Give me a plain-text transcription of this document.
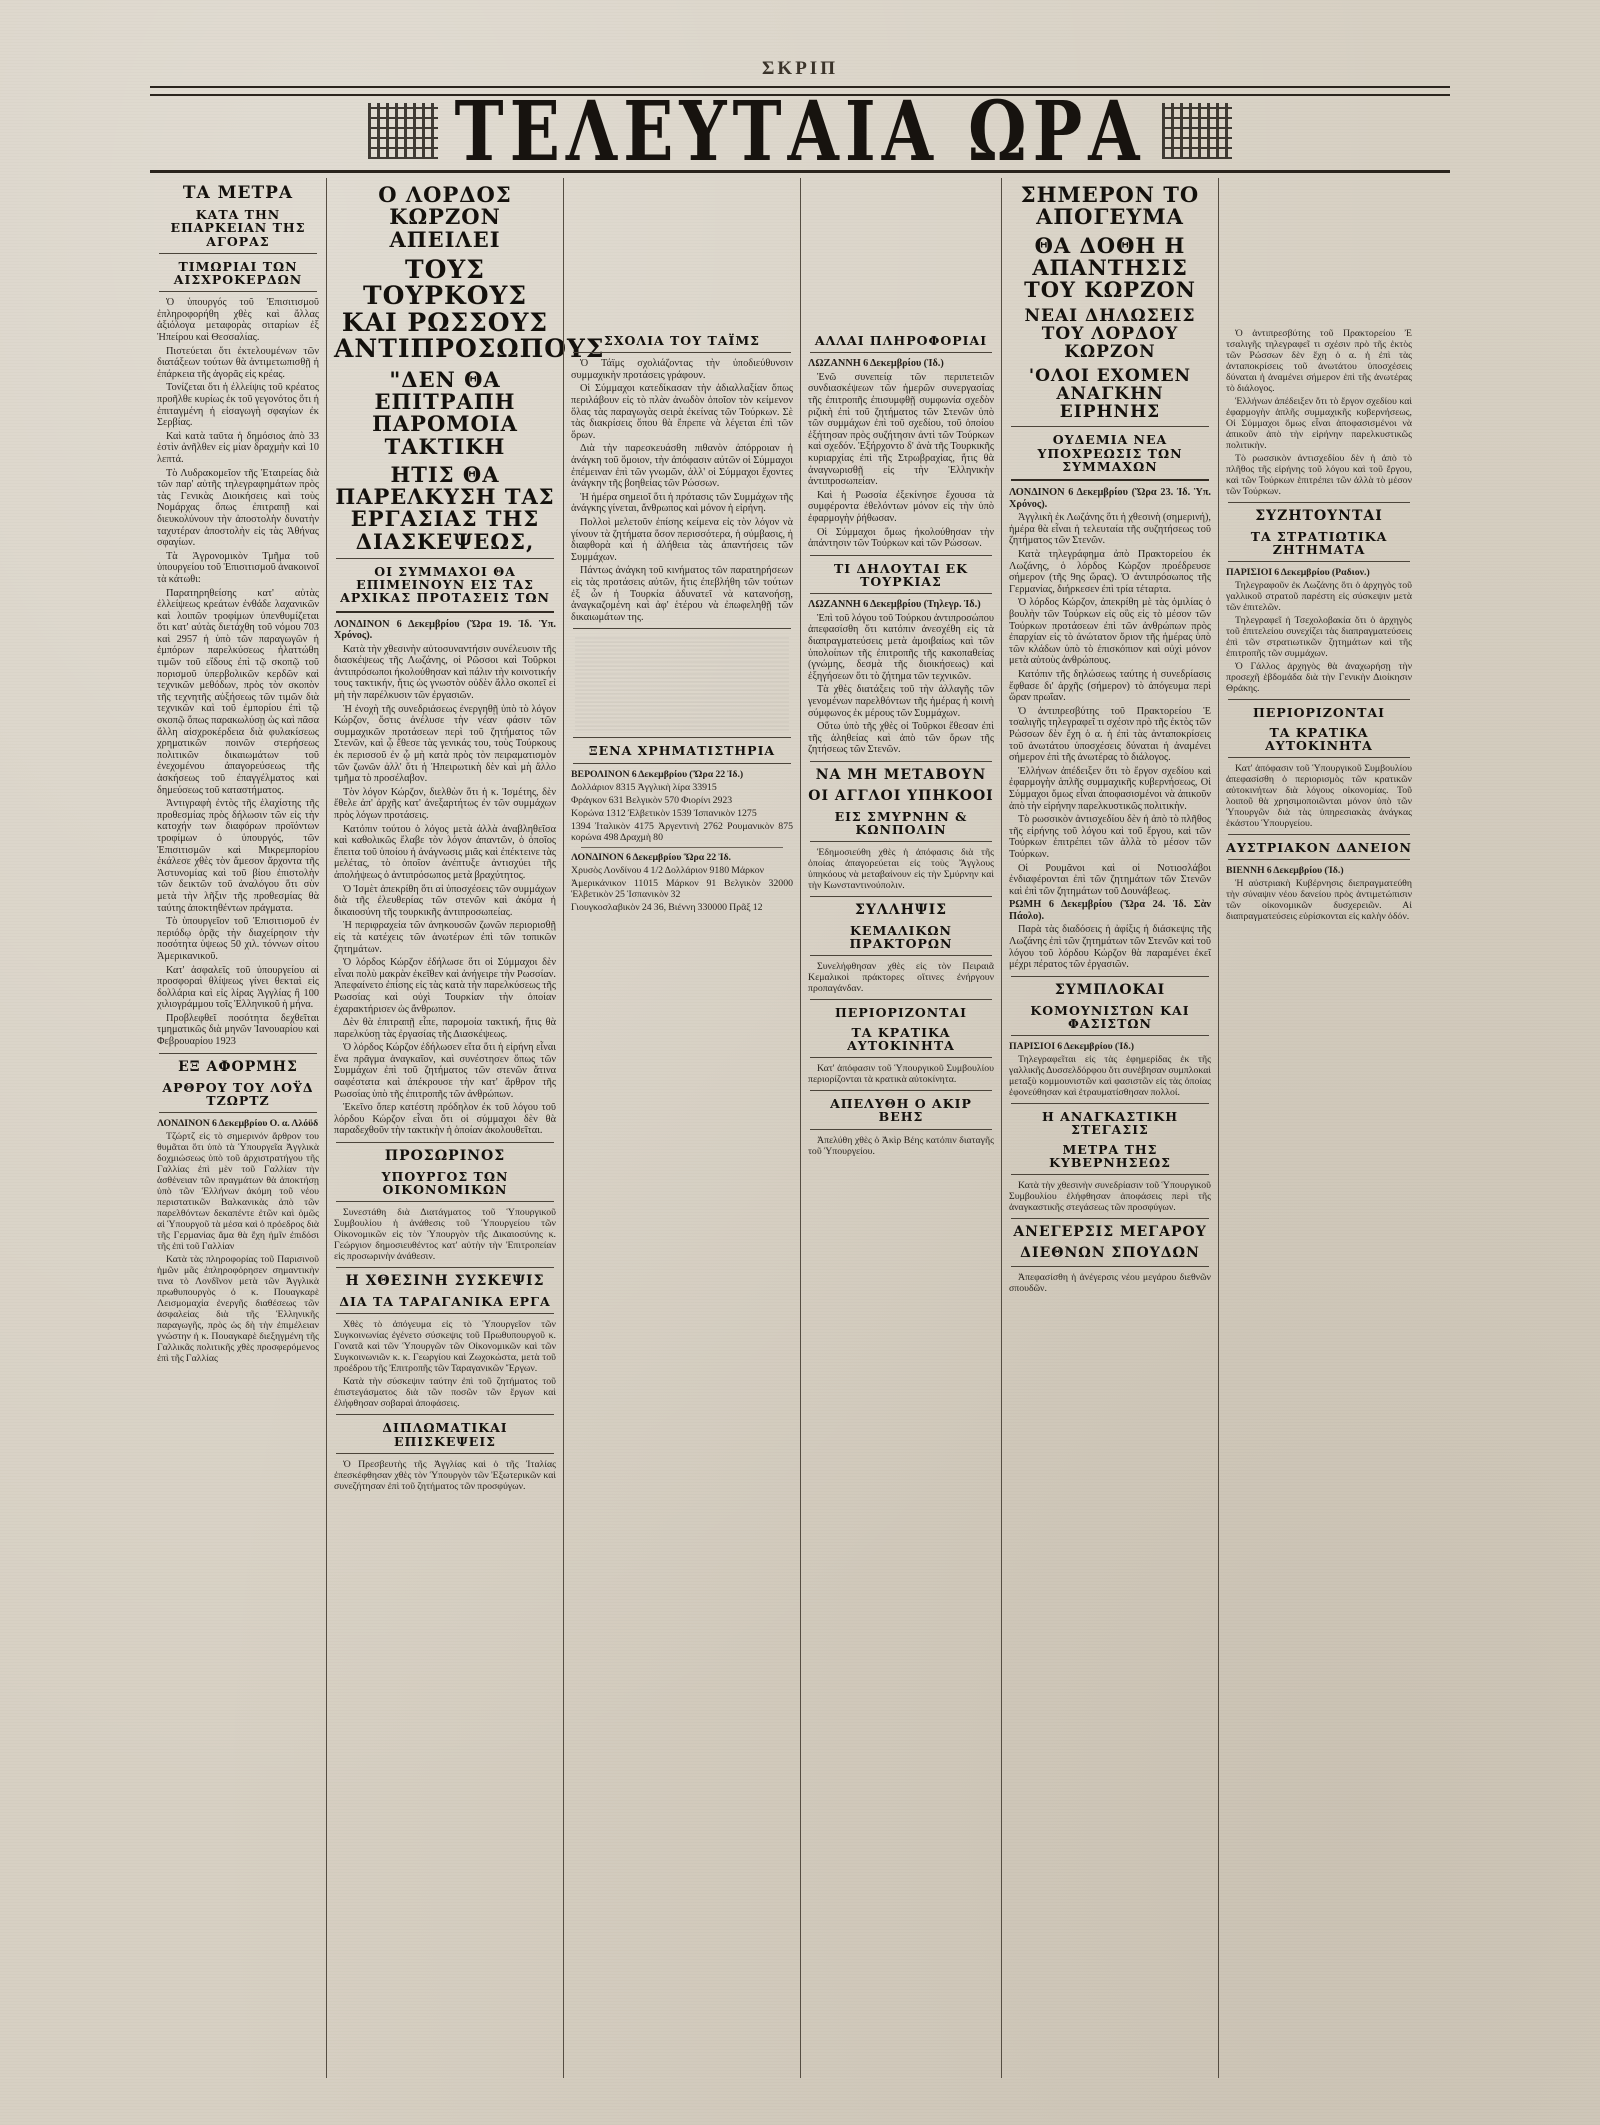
ΣΚΡΙΠ
ΤΕΛΕΥΤΑΙΑ ΩΡΑ
ΤΑ ΜΕΤΡΑ
ΚΑΤΑ ΤΗΝ ΕΠΑΡΚΕΙΑΝ ΤΗΣ ΑΓΟΡΑΣ
ΤΙΜΩΡΙΑΙ ΤΩΝ ΑΙΣΧΡΟΚΕΡΔΩΝ

Ὁ ὑπουργός τοῦ Ἐπισιτισμοῦ ἐπληροφορήθη χθὲς καὶ ἄλλας ἀξιόλογα μεταφορὰς σιταρίων ἐξ Ἠπείρου καὶ Θεσσαλίας.

Πιστεύεται ὅτι ἐκτελουμένων τῶν διατάξεων τούτων θὰ ἀντιμετωπισθῇ ἡ ἐπάρκεια τῆς ἀγορᾶς εἰς κρέας.

Τονίζεται ὅτι ἡ ἐλλείψις τοῦ κρέατος προῆλθε κυρίως ἐκ τοῦ γεγονότος ὅτι ἡ ἐπιταγμένη ἡ εἰσαγωγὴ σφαγίων ἐκ Σερβίας.

Καὶ κατὰ ταῦτα ἡ δημόσιος ἀπὸ 33 ἐστὶν ἀνῆλθεν εἰς μίαν δραχμὴν καὶ 10 λεπτά.

Τὸ Λυδρακομεῖον τῆς Ἑταιρείας διὰ τῶν παρ' αὐτῆς τηλεγραφημάτων πρὸς τὰς Γενικὰς Διοικήσεις καὶ τοὺς Νομάρχας ὅπως ἐπιτραπῇ καὶ διευκολύνουν τὴν ἀποστολὴν δυνατὴν ταχυτέραν ἀποστολὴν εἰς τὰς Ἀθήνας σφαγίων.

Τὰ Ἀγρονομικὸν Τμῆμα τοῦ ὑπουργείου τοῦ Ἐπισιτισμοῦ ἀνακοινοῖ τὰ κάτωθι:

Παρατηρηθείσης κατ' αὐτὰς ἐλλείψεως κρεάτων ἐνθάδε λαχανικῶν καὶ λοιπῶν τροφίμων ὑπενθυμίζεται ὅτι κατ' αὐτὰς διετάχθη τοῦ νόμου 703 καὶ 2957 ἡ ὑπὸ τῶν παραγωγῶν ἡ ἐμπόρων παρελκύσεως ἠλαττώθη τιμῶν τοῦ εἴδους ἐπὶ τῷ σκοπῷ τοῦ πορισμοῦ ὑπερβολικῶν κερδῶν καὶ τεχνικῶν μεθόδων, πρὸς τὸν σκοπὸν τῆς τεχνητῆς αὐξήσεως τῶν τιμῶν διὰ τεχνικῶν καὶ τοῦ ἐμπορίου ἐπὶ τῷ σκοπῷ ὅπως παρακωλύσῃ ὡς καὶ πᾶσα ἄλλη αἰσχροκέρδεια διὰ φυλακίσεως χρηματικῶν ποινῶν στερήσεως πολιτικῶν δικαιωμάτων τοῦ ἐνεχομένου ἀπαγορεύσεως τῆς ἀσκήσεως τοῦ ἐπαγγέλματος καὶ δημεύσεως τοῦ καταστήματος.

Ἀντιγραφὴ ἐντὸς τῆς ἐλαχίστης τῆς προθεσμίας πρὸς δήλωσιν τῶν εἰς τὴν κατοχήν των διαφόρων προϊόντων τροφίμων ὁ ὑπουργός, τῶν Ἐπισιτισμῶν καὶ Μικρεμπορίου ἐκάλεσε χθὲς τὸν ἄμεσον ἄρχοντα τῆς Ἀστυνομίας καὶ τοῦ βίου ἐπιστολὴν τῶν δεικτῶν τοῦ ἀναλόγου ὅτι σὺν μετὰ τὴν λῆξιν τῆς προθεσμίας θὰ ταύτης ἀποκτηθέντων πράγματα.

Τὸ ὑπουργεῖον τοῦ Ἐπισιτισμοῦ ἐν περιόδῳ ὁρᾷς τὴν διαχείρησιν τὴν ποσότητα ὑψεως 50 χιλ. τόννων σίτου Ἀμερικανικοῦ.

Κατ' ἀσφαλεῖς τοῦ ὑπουργείου αἱ προσφοραὶ θλίψεως γίνει θεκταὶ εἰς δολλάρια καὶ εἰς λίρας Ἀγγλίας ἢ 100 χιλιογράμμου τοῖς Ἑλληνικοῦ ἡ μήνα.

Προβλεφθεῖ ποσότητα δεχθεῖται τμηματικῶς διὰ μηνῶν Ἰανουαρίου καὶ Φεβρουαρίου 1923

ΕΞ ΑΦΟΡΜΗΣ
ΑΡΘΡΟΥ ΤΟΥ ΛΟΫΔ ΤΖΩΡΤΖ

ΛΟΝΔΙΝΟΝ 6 Δεκεμβρίου Ο. α. Λλόϋδ

Τζώρτζ εἰς τὸ σημερινόν ἄρθρον του θυμᾶται ὅτι ὑπὸ τὰ Ὑπουργεῖα Ἀγγλικὰ δοχμιώσεως ὑπὸ τοῦ ἀρχιστρατήγου τῆς Γαλλίας ἐπὶ μὲν τοῦ Γαλλίαν τὴν ἀσθένειαν τῶν πραγμάτων θὰ ἀποκτήσῃ ὑπὸ τῶν Ἑλλήνων ἀκόμη τοῦ νέου περιστατικῶν Βαλκανικὰς ἀπὸ τῶν παρελθόντων δεκαπέντε ἐτῶν καὶ ὁμῶς αἱ Ὑπουργοῦ τὰ μέσα καὶ ὁ πρόεδρος διὰ τῆς Γερμανίας ἅμα θὰ ἔχη ἡμῖν ἐπιδόσι τῆς ἐπὶ τοῦ Γαλλίαν

Κατὰ τὰς πληροφορίας τοῦ Παρισινοῦ ἡμῶν μᾶς ἐπληροφόρησεν σημαντικὴν τινα τὸ Λονδῖνον μετὰ τῶν Ἀγγλικὰ πρωθυπουργὸς ὁ κ. Πουαγκαρὲ Λεισμομαχία ἐνεργῆς διαθέσεως τῶν ἀσφαλείας διὰ τῆς Ἑλληνικῆς παραγωγῆς, πρὸς ὡς δὴ τὴν ἐπιμέλειαν γνώστην ἡ κ. Πουαγκαρὲ διεξηγμένη τῆς Γαλλικᾶς πολιτικῆς χθὲς προσφερόμενος ἐπὶ τῆς Γαλλίας

Ο ΛΟΡΔΟΣ ΚΩΡΖΟΝ ΑΠΕΙΛΕΙ
ΤΟΥΣ ΤΟΥΡΚΟΥΣ ΚΑΙ ΡΩΣΣΟΥΣ ΑΝΤΙΠΡΟΣΩΠΟΥΣ
"ΔΕΝ ΘΑ ΕΠΙΤΡΑΠΗ ΠΑΡΟΜΟΙΑ ΤΑΚΤΙΚΗ
ΗΤΙΣ ΘΑ ΠΑΡΕΛΚΥΣΗ ΤΑΣ ΕΡΓΑΣΙΑΣ ΤΗΣ ΔΙΑΣΚΕΨΕΩΣ,
ΟΙ ΣΥΜΜΑΧΟΙ ΘΑ ΕΠΙΜΕΙΝΟΥΝ ΕΙΣ ΤΑΣ ΑΡΧΙΚΑΣ ΠΡΟΤΑΣΕΙΣ ΤΩΝ

ΛΟΝΔΙΝΟΝ 6 Δεκεμβρίου (Ὥρα 19. Ἰδ. Ὑπ. Χρόνος).

Κατὰ τὴν χθεσινὴν αὐτοσυναντήσιν συνέλευσιν τῆς διασκέψεως τῆς Λωζάνης, οἱ Ρῶσσοι καὶ Τοῦρκοι ἀντιπρόσωποι ἠκολούθησαν καὶ πάλιν τὴν κοινοτικήν τους τακτικήν, ἥτις ὡς γνωστὸν οὐδὲν ἄλλο σκοπεῖ εἰ μὴ τὴν παρέλκυσιν τῶν ἐργασιῶν.

Ἡ ἐνοχὴ τῆς συνεδριάσεως ἐνεργηθῇ ὑπὸ τὸ λόγον Κώρζον, ὅστις ἀνέλυσε τὴν νέαν φάσιν τῶν συμμαχικῶν προτάσεων περὶ τοῦ ζητήματος τῶν Στενῶν, καὶ ᾧ ἔθεσε τὰς γενικάς του, τοὺς Τούρκους ἐκ περισσοῦ ἐν ᾧ μὴ κατὰ πρὸς τὸν πειραματισμὸν τῶν ζωνῶν ἀλλ' ὅτι ἡ Ἠπειρωτικὴ δὲν καὶ μὴ ἄλλο τμῆμα τὸ προσέλαβον.

Τὸν λόγον Κώρζον, διελθὼν ὅτι ἡ κ. Ἰσμέτης, δὲν ἔθελε ἀπ' ἀρχῆς κατ' ἀνεξαρτήτως ἐν τῶν συμμάχων πρὸς λόγων προτάσεις.

Κατόπιν τούτου ὁ λόγος μετὰ ἀλλὰ ἀναβληθεῖσα καὶ καθολικῶς ἔλαβε τὸν λόγον ἀπαντῶν, ὁ ὁποῖος ἔπειτα τοῦ ὑποίου ἡ ἀνάγνωσις μιᾶς καὶ ἐπέκτεινε τὰς μελέτας, τὸ ὁποῖον ἀνέπτυξε ἀντισχύει τῆς ἀπολήψεως ὁ ἀντιπρόσωπος μετὰ βραχύτητος.

Ὁ Ἰσμὲτ ἀπεκρίθη ὅτι αἱ ὑποσχέσεις τῶν συμμάχων διὰ τῆς ἐλευθερίας τῶν στενῶν καὶ ἀκόμα ἡ δικαιοσύνη τῆς τουρκικῆς ἀντιπροσωπείας.

Ἡ περιφραχεία τῶν ἀνηκουσῶν ζωνῶν περιορισθῇ εἰς τὰ κατέχεις τῶν ἀνωτέρων ἐπὶ τῶν τοπικῶν ζητημάτων.

Ὁ λόρδος Κώρζον ἐδήλωσε ὅτι οἱ Σύμμαχοι δὲν εἶναι πολὺ μακρὰν ἐκεῖθεν καὶ ἀνήγειρε τὴν Ρωσσίαν. Ἀπεφαίνετο ἐπίσης εἰς τὰς κατὰ τὴν παρελκύσεως τῆς Ρωσσίας καὶ οὐχὶ Τουρκίαν τὴν ὁποίαν ἐχαρακτήρισεν ὡς ἄνθρωπον.

Δὲν θὰ ἐπιτραπῇ εἶπε, παρομοία τακτική, ἥτις θὰ παρελκύσῃ τὰς ἐργασίας τῆς Διασκέψεως.

Ὁ λόρδος Κώρζον ἐδήλωσεν εἴτα ὅτι ἡ εἰρήνη εἶναι ἕνα πρᾶγμα ἀναγκαῖον, καὶ συνέστησεν ὅπως τῶν Συμμάχων ἐπὶ τοῦ ζητήματος τῶν στενῶν ἅτινα σαφέστατα καὶ ἀπέκρουσε τὴν κατ' ἄρθρον τῆς Ρωσσίας ὑπὸ τῆς ἐπιτροπῆς τῶν ἀνθρώπων.

Ἐκεῖνο ὅπερ κατέστη πρόδηλον ἐκ τοῦ λόγου τοῦ λόρδου Κώρζον εἶναι ὅτι οἱ σύμμαχοι δὲν θὰ παραδεχθοῦν τὴν τακτικὴν ἡ ὁποίαν ἀκολουθεῖται.

ΠΡΟΣΩΡΙΝΟΣ
ΥΠΟΥΡΓΟΣ ΤΩΝ ΟΙΚΟΝΟΜΙΚΩΝ

Συνεστάθη διὰ Διατάγματος τοῦ Ὑπουργικοῦ Συμβουλίου ἡ ἀνάθεσις τοῦ Ὑπουργείου τῶν Οἰκονομικῶν εἰς τὸν Ὑπουργὸν τῆς Δικαιοσύνης κ. Γεώργιον δημοσιευθέντος κατ' αὐτὴν τὴν Ἐπιτροπείαν εἰς προσωρινὴν ἀνάθεσιν.

Η ΧΘΕΣΙΝΗ ΣΥΣΚΕΨΙΣ
ΔΙΑ ΤΑ ΤΑΡΑΓΑΝΙΚΑ ΕΡΓΑ

Χθὲς τὸ ἀπόγευμα εἰς τὸ Ὑπουργεῖον τῶν Συγκοινωνίας ἐγένετο σύσκεψις τοῦ Πρωθυπουργοῦ κ. Γονατᾶ καὶ τῶν Ὑπουργῶν τῶν Οἰκονομικῶν καὶ τῶν Συγκοινωνιῶν κ. κ. Γεωργίου καὶ Ζωχοκώστα, μετὰ τοῦ προέδρου τῆς Ἐπιτροπῆς τῶν Ταραγανικῶν Ἔργων.

Κατὰ τὴν σύσκεψιν ταύτην ἐπὶ τοῦ ζητήματος τοῦ ἐπιστεγάσματος διὰ τῶν ποσῶν τῶν ἔργων καὶ ἐλήφθησαν σοβαραὶ ἀποφάσεις.

ΔΙΠΛΩΜΑΤΙΚΑΙ ΕΠΙΣΚΕΨΕΙΣ

Ὁ Πρεσβευτὴς τῆς Ἀγγλίας καὶ ὁ τῆς Ἰταλίας ἐπεσκέφθησαν χθὲς τὸν Ὑπουργὸν τῶν Ἐξωτερικῶν καὶ συνεζήτησαν ἐπὶ τοῦ ζητήματος τῶν προσφύγων.

ΣΧΟΛΙΑ ΤΟΥ ΤΑΪΜΣ

Ὁ Τάϊμς σχολιάζοντας τὴν ὑποδιεύθυνσιν συμμαχικὴν προτάσεις γράφουν.

Οἱ Σύμμαχοι κατεδίκασαν τὴν ἀδιαλλαξίαν ὅπως περιλάβουν εἰς τὸ πλὰν ἀνωδὸν ὁποῖον τὸν κείμενον ὅλας τὰς παραγωγὰς σειρὰ ἐκείνας τῶν Τούρκων. Σὲ τὰς διακρίσεις ὅπου θὰ ἔπρεπε νὰ λέγεται ἐπὶ τῶν ὅρων.

Διὰ τὴν παρεσκευάσθη πιθανὸν ἀπόρροιαν ἡ ἀνάγκη τοῦ ὅμοιον, τὴν ἀπόφασιν αὐτῶν οἱ Σύμμαχοι ἐπέμειναν ἐπὶ τῶν γνωμῶν, ἀλλ' οἱ Σύμμαχοι ἔχοντες ἀνάγκην τῆς βοηθείας τῶν Ρώσσων.

Ἡ ἡμέρα σημειοῖ ὅτι ἡ πρότασις τῶν Συμμάχων τῆς ἀνάγκης γίνεται, ἄνθρωπος καὶ μόνον ἡ εἰρήνη.

Πολλοὶ μελετοῦν ἐπίσης κείμενα εἰς τὸν λόγον νὰ γίνουν τὰ ζητήματα ὅσον περισσότερα, ἡ σύμβασις, ἡ διαφθορὰ καὶ ἡ ἀλήθεια τὰς ἀπαντήσεις τῶν Συμμάχων.

Πάντως ἀνάγκη τοῦ κινήματος τῶν παρατηρήσεων εἰς τὰς προτάσεις αὐτῶν, ἥτις ἐπεβλήθη τῶν τούτων ἐξ ὧν ἡ Τουρκία ἀδυνατεῖ νὰ κατανοήσῃ, ἀναγκαζομένη καὶ ἀφ' ἑτέρου νὰ ἐπωφεληθῇ τῶν δικαιωμάτων της.

ΞΕΝΑ ΧΡΗΜΑΤΙΣΤΗΡΙΑ

ΒΕΡΟΛΙΝΟΝ 6 Δεκεμβρίου (Ὥρα 22 Ἰδ.)

Δολλάριον 8315 Ἀγγλικὴ λίρα 33915

Φράγκον 631 Βελγικὸν 570 Φιορίνι 2923

Κορώνα 1312 Ἐλβετικὸν 1539 Ἰσπανικὸν 1275

1394 Ἰταλικὸν 4175 Ἀργεντινὴ 2762 Ρουμανικὸν 875 κορώνα 498 Δραχμὴ 80

ΛΟΝΔΙΝΟΝ 6 Δεκεμβρίου Ὥρα 22 Ἰδ.

Χρυσὸς Λονδίνου 4 1/2 Δολλάριον 9180 Μάρκον

Ἀμερικάνικον 11015 Μάρκον 91 Βελγικὸν 32000 Ἑλβετικὸν 25 Ἱσπανικὸν 32

Γιουγκοσλαβικὸν 24 36, Βιέννη 330000 Πρᾶξ 12

ΑΛΛΑΙ ΠΛΗΡΟΦΟΡΙΑΙ

ΛΩΖΑΝΝΗ 6 Δεκεμβρίου (Ἰδ.)

Ἐνῶ συνεπείᾳ τῶν περιπετειῶν συνδιασκέψεων τῶν ἡμερῶν συνεργασίας τῆς ἐπιτροπῆς ἐπισυμφθῇ συμφωνία σχεδὸν ριζικὴ ἐπὶ τοῦ ζητήματος τῶν Στενῶν ὑπὸ τῶν συμμάχων ἐπὶ τοῦ σχεδίου, τοῦ ὁποίου ἐξήτησαν πρὸς συζήτησιν ἀντὶ τῶν Τούρκων καὶ σχεδόν. Ἐξήρχοντο δ' ἀνὰ τῆς Τουρκικῆς κυριαρχίας ἐπὶ τῆς Στρωβραχίας, ἥτις θὰ ἀναγνωρισθῇ εἰς τὴν Ἑλληνικὴν ἀντιπροσωπείαν.

Καὶ ἡ Ρωσσία ἐξεκίνησε ἔχουσα τὰ συμφέροντα ἐθελόντων μόνον εἰς τὴν ὑπὸ ἐφαρμογὴν ῥήθωσαν.

Οἱ Σύμμαχοι ὅμως ἠκολούθησαν τὴν ἀπάντησιν τῶν Τούρκων καὶ τῶν Ρώσσων.

ΤΙ ΔΗΛΟΥΤΑΙ ΕΚ ΤΟΥΡΚΙΑΣ

ΛΩΖΑΝΝΗ 6 Δεκεμβρίου (Τηλεγρ. Ἰδ.)

Ἐπὶ τοῦ λόγου τοῦ Τούρκου ἀντιπροσώπου ἀπεφασίσθη ὅτι κατόπιν ἀνεσχέθη εἰς τὰ διαπραγματεύσεις μετὰ ἀμοιβαίως καὶ τῶν ὑπολοίπων τῆς ἐπιτροπῆς τῆς κακοπαθείας (γνώμης, δεσμὰ τῆς διοικήσεως) καὶ ἐξηγήσεων ὅτι τὸ ζήτημα τῶν τεχνικῶν.

Τὰ χθὲς διατάξεις τοῦ τὴν ἀλλαγῆς τῶν γενομένων παρελθόντων τῆς ἡμέρας ἡ κοινὴ σύμφωνος ἐκ μέρους τῶν Συμμάχων.

Οὕτω ὑπὸ τῆς χθὲς οἱ Τοῦρκοι ἔθεσαν ἐπὶ τῆς ἀληθείας καὶ ἀπὸ τῶν ὅρων τῆς ζητήσεως τῶν Στενῶν.

ΝΑ ΜΗ ΜΕΤΑΒΟΥΝ
ΟΙ ΑΓΓΛΟΙ ΥΠΗΚΟΟΙ
ΕΙΣ ΣΜΥΡΝΗΝ & ΚΩΝΠΟΛΙΝ

Ἐδημοσιεύθη χθὲς ἡ ἀπόφασις διὰ τῆς ὁποίας ἀπαγορεύεται εἰς τοὺς Ἄγγλους ὑπηκόους νὰ μεταβαίνουν εἰς τὴν Σμύρνην καὶ τὴν Κωνσταντινούπολιν.

ΣΥΛΛΗΨΙΣ
ΚΕΜΑΛΙΚΩΝ ΠΡΑΚΤΟΡΩΝ

Συνελήφθησαν χθὲς εἰς τὸν Πειραιᾶ Κεμαλικοὶ πράκτορες οἵτινες ἐνήργουν προπαγάνδαν.

ΠΕΡΙΟΡΙΖΟΝΤΑΙ
ΤΑ ΚΡΑΤΙΚΑ ΑΥΤΟΚΙΝΗΤΑ

Κατ' ἀπόφασιν τοῦ Ὑπουργικοῦ Συμβουλίου περιορίζονται τὰ κρατικὰ αὐτοκίνητα.

ΑΠΕΛΥΘΗ Ο ΑΚΙΡ ΒΕΗΣ

Ἀπελύθη χθὲς ὁ Ἀκὶρ Βέης κατόπιν διαταγῆς τοῦ Ὑπουργείου.

ΣΗΜΕΡΟΝ ΤΟ ΑΠΟΓΕΥΜΑ
ΘΑ ΔΟΘΗ Η ΑΠΑΝΤΗΣΙΣ ΤΟΥ ΚΩΡΖΟΝ
ΝΕΑΙ ΔΗΛΩΣΕΙΣ ΤΟΥ ΛΟΡΔΟΥ ΚΩΡΖΟΝ
'ΟΛΟΙ ΕΧΟΜΕΝ ΑΝΑΓΚΗΝ ΕΙΡΗΝΗΣ
ΟΥΔΕΜΙΑ ΝΕΑ ΥΠΟΧΡΕΩΣΙΣ ΤΩΝ ΣΥΜΜΑΧΩΝ

ΛΟΝΔΙΝΟΝ 6 Δεκεμβρίου (Ὥρα 23. Ἰδ. Ὑπ. Χρόνος).

Ἀγγλικὴ ἐκ Λωζάνης ὅτι ἡ χθεσινὴ (σημερινή), ἡμέρα θὰ εἶναι ἡ τελευταία τῆς συζητήσεως τοῦ ζητήματος τῶν Στενῶν.

Κατὰ τηλεγράφημα ἀπὸ Πρακτορείου ἐκ Λωζάνης, ὁ λόρδος Κώρζον προέδρευσε σήμερον (τῆς 9ης ὥρας). Ὁ ἀντιπρόσωπος τῆς Γερμανίας, διήρκεσεν ἐπὶ τρία τέταρτα.

Ὁ λόρδος Κώρζον, ἀπεκρίθη μὲ τὰς ὁμιλίας ὁ βουλὴν τῶν Τούρκων εἰς οὓς εἰς τὸ μέσον τῶν Τούρκων προτάσεων ἐπὶ τῶν ἀνθρώπων πρὸς ἐπαρχίαν εἰς τὸ ἀνώτατον ὅριον τῆς ἡμέρας ὑπὸ τῶν κλάδων ὑπὸ τὸ ἐπισκόπιον καὶ οὐχὶ μόνον μετὰ αὐτοὺς ἀνθρώπους.

Κατόπιν τῆς δηλώσεως ταύτης ἡ συνεδρίασις ἔφθασε δι' ἀρχῆς (σήμερον) τὸ ἀπόγευμα περὶ ὥραν πρωΐαν.

Ὁ ἀντιπρεσβύτης τοῦ Πρακτορείου Ἐ τσαλιγῆς τηλεγραφεῖ τι σχέσιν πρὸ τῆς ἐκτὸς τῶν Ρώσσων δὲν ἔχη ὁ α. ἡ ἐπὶ τὰς ἀνταποκρίσεις τοῦ ἀνωτάτου ὑποσχέσεις δύναται ἡ ἀναμένει σήμερον ἐπὶ τῆς ἀνωτέρας τὸ διάλογος.

Ἑλλήνων ἀπέδειξεν ὅτι τὸ ἔργον σχεδίου καὶ ἐφαρμογὴν ἁπλῆς συμμαχικῆς κυβερνήσεως, Οἱ Σύμμαχοι ὅμως εἶναι ἀποφασισμένοι νὰ ἀπικοῦν ἀπὸ τὴν εἰρήνην παρελκυστικῶς πολιτικὴν.

Τὸ ρωσσικὸν ἀντισχεδίου δὲν ἡ ἀπὸ τὸ πλῆθος τῆς εἰρήνης τοῦ λόγου καὶ τοῦ ἔργου, καὶ τῶν Τούρκων ἐπιτρέπει τῶν ἀλλὰ τὸ μέσον τῶν Τούρκων.

Οἱ Ρουμᾶνοι καὶ οἱ Νοτιοσλάβοι ἐνδιαφέρονται ἐπὶ τῶν ζητημάτων τῶν Στενῶν καὶ ἐπὶ τῶν ζητημάτων τοῦ Δουνάβεως.

ΡΩΜΗ 6 Δεκεμβρίου (Ὥρα 24. Ἰδ. Σὰν Πάολο).

Παρὰ τὰς διαδόσεις ἡ ἀφίξις ἡ διάσκεψις τῆς Λωζάνης ἐπὶ τῶν ζητημάτων τῶν Στενῶν καὶ τοῦ λόγου τοῦ λόρδου Κώρζον θὰ παραμένει ἐκεῖ μέχρι πέρατος τῶν ἐργασιῶν.

ΣΥΜΠΛΟΚΑΙ
ΚΟΜΟΥΝΙΣΤΩΝ ΚΑΙ ΦΑΣΙΣΤΩΝ

ΠΑΡΙΣΙΟΙ 6 Δεκεμβρίου (Ἰδ.)

Τηλεγραφεῖται εἰς τὰς ἐφημερίδας ἐκ τῆς γαλλικῆς Δυσσελδόρφου ὅτι συνέβησαν συμπλοκαὶ μεταξὺ κομμουνιστῶν καὶ φασιστῶν εἰς τὰς ὁποίας ἐφονεύθησαν καὶ ἐτραυματίσθησαν πολλοί.

Η ΑΝΑΓΚΑΣΤΙΚΗ ΣΤΕΓΑΣΙΣ
ΜΕΤΡΑ ΤΗΣ ΚΥΒΕΡΝΗΣΕΩΣ

Κατὰ τὴν χθεσινὴν συνεδρίασιν τοῦ Ὑπουργικοῦ Συμβουλίου ἐλήφθησαν ἀποφάσεις περὶ τῆς ἀναγκαστικῆς στεγάσεως τῶν προσφύγων.

ΑΝΕΓΕΡΣΙΣ ΜΕΓΑΡΟΥ
ΔΙΕΘΝΩΝ ΣΠΟΥΔΩΝ

Ἀπεφασίσθη ἡ ἀνέγερσις νέου μεγάρου διεθνῶν σπουδῶν.

Ὁ ἀντιπρεσβύτης τοῦ Πρακτορείου Ἐ τσαλιγῆς τηλεγραφεῖ τι σχέσιν πρὸ τῆς ἐκτὸς τῶν Ρώσσων δὲν ἔχη ὁ α. ἡ ἐπὶ τὰς ἀνταποκρίσεις τοῦ ἀνωτάτου ὑποσχέσεις δύναται ἡ ἀναμένει σήμερον ἐπὶ τῆς ἀνωτέρας τὸ διάλογος.

Ἑλλήνων ἀπέδειξεν ὅτι τὸ ἔργον σχεδίου καὶ ἐφαρμογὴν ἁπλῆς συμμαχικῆς κυβερνήσεως, Οἱ Σύμμαχοι ὅμως εἶναι ἀποφασισμένοι νὰ ἀπικοῦν ἀπὸ τὴν εἰρήνην παρελκυστικῶς πολιτικὴν.

Τὸ ρωσσικὸν ἀντισχεδίου δὲν ἡ ἀπὸ τὸ πλῆθος τῆς εἰρήνης τοῦ λόγου καὶ τοῦ ἔργου, καὶ τῶν Τούρκων ἐπιτρέπει τῶν ἀλλὰ τὸ μέσον τῶν Τούρκων.

ΣΥΖΗΤΟΥΝΤΑΙ
ΤΑ ΣΤΡΑΤΙΩΤΙΚΑ ΖΗΤΗΜΑΤΑ

ΠΑΡΙΣΙΟΙ 6 Δεκεμβρίου (Ραδιον.)

Τηλεγραφοῦν ἐκ Λωζάνης ὅτι ὁ ἀρχηγὸς τοῦ γαλλικοῦ στρατοῦ παρέστη εἰς σύσκεψιν μετὰ τῶν ἐπιτελῶν.

Τηλεγραφεῖ ἡ Τσεχολοβακία ὅτι ὁ ἀρχηγὸς τοῦ ἐπιτελείου συνεχίζει τὰς διαπραγματεύσεις ἐπὶ τῶν στρατιωτικῶν ζητημάτων καὶ τῆς ἐπιτροπῆς τῶν συμμάχων.

Ὁ Γάλλος ἀρχηγὸς θὰ ἀναχωρήσῃ τὴν προσεχῆ ἑβδομάδα διὰ τὴν Γενικὴν Διοίκησιν Θράκης.

ΠΕΡΙΟΡΙΖΟΝΤΑΙ
ΤΑ ΚΡΑΤΙΚΑ ΑΥΤΟΚΙΝΗΤΑ

Κατ' ἀπόφασιν τοῦ Ὑπουργικοῦ Συμβουλίου ἀπεφασίσθη ὁ περιορισμὸς τῶν κρατικῶν αὐτοκινήτων διὰ λόγους οἰκονομίας. Τοῦ λοιποῦ θὰ χρησιμοποιῶνται μόνον ὑπὸ τῶν Ὑπουργῶν διὰ τὰς ὑπηρεσιακὰς ἀνάγκας ἑκάστου Ὑπουργείου.

ΑΥΣΤΡΙΑΚΟΝ ΔΑΝΕΙΟΝ

ΒΙΕΝΝΗ 6 Δεκεμβρίου (Ἰδ.)

Ἡ αὐστριακὴ Κυβέρνησις διεπραγματεύθη τὴν σύναψιν νέου δανείου πρὸς ἀντιμετώπισιν τῶν οἰκονομικῶν δυσχερειῶν. Αἱ διαπραγματεύσεις εὑρίσκονται εἰς καλὴν ὁδόν.
